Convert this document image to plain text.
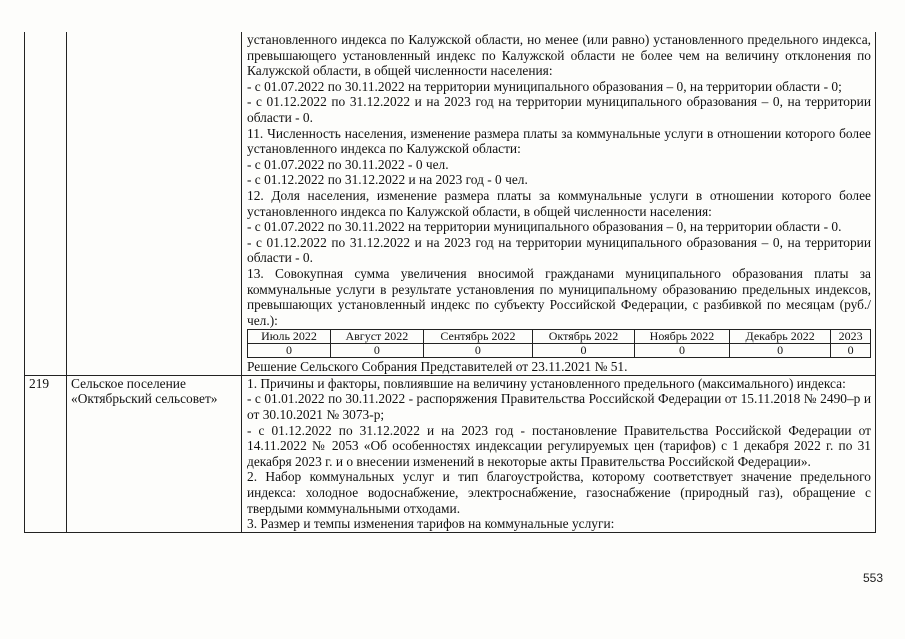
установленного индекса по Калужской области, но менее (или равно) установленного предельного индекса, превышающего установленный индекс по Калужской области не более чем на величину отклонения по Калужской области, в общей численности населения:
- с 01.07.2022 по 30.11.2022 на территории муниципального образования – 0, на территории области - 0;
- с 01.12.2022 по 31.12.2022 и на 2023 год на территории муниципального образования – 0, на территории области - 0.
11. Численность населения, изменение размера платы за коммунальные услуги в отношении которого более установленного индекса по Калужской области:
- с 01.07.2022 по 30.11.2022 - 0 чел.
- с 01.12.2022 по 31.12.2022 и на 2023 год - 0 чел.
12. Доля населения, изменение размера платы за коммунальные услуги в отношении которого более установленного индекса по Калужской области, в общей численности населения:
- с 01.07.2022 по 30.11.2022 на территории муниципального образования – 0, на территории области - 0.
- с 01.12.2022 по 31.12.2022 и на 2023 год на территории муниципального образования – 0, на территории области - 0.
13. Совокупная сумма увеличения вносимой гражданами муниципального образования платы за коммунальные услуги в результате установления по муниципальному образованию предельных индексов, превышающих установленный индекс по субъекту Российской Федерации, с разбивкой по месяцам (руб./чел.):
Июль 2022	Август 2022	Сентябрь 2022	Октябрь 2022	Ноябрь 2022	Декабрь 2022	2023
0	0	0	0	0	0	0
Решение Сельского Собрания Представителей от 23.11.2021 № 51.

219	Сельское поселение «Октябрьский сельсовет»	
1. Причины и факторы, повлиявшие на величину установленного предельного (максимального) индекса:
- с 01.01.2022 по 30.11.2022 - распоряжения Правительства Российской Федерации от 15.11.2018 № 2490–р и от 30.10.2021 № 3073-р;
- с 01.12.2022 по 31.12.2022 и на 2023 год - постановление Правительства Российской Федерации от 14.11.2022 № 2053 «Об особенностях индексации регулируемых цен (тарифов) с 1 декабря 2022 г. по 31 декабря 2023 г. и о внесении изменений в некоторые акты Правительства Российской Федерации».
2. Набор коммунальных услуг и тип благоустройства, которому соответствует значение предельного индекса: холодное водоснабжение, электроснабжение, газоснабжение (природный газ), обращение с твердыми коммунальными отходами.
3. Размер и темпы изменения тарифов на коммунальные услуги:
553
